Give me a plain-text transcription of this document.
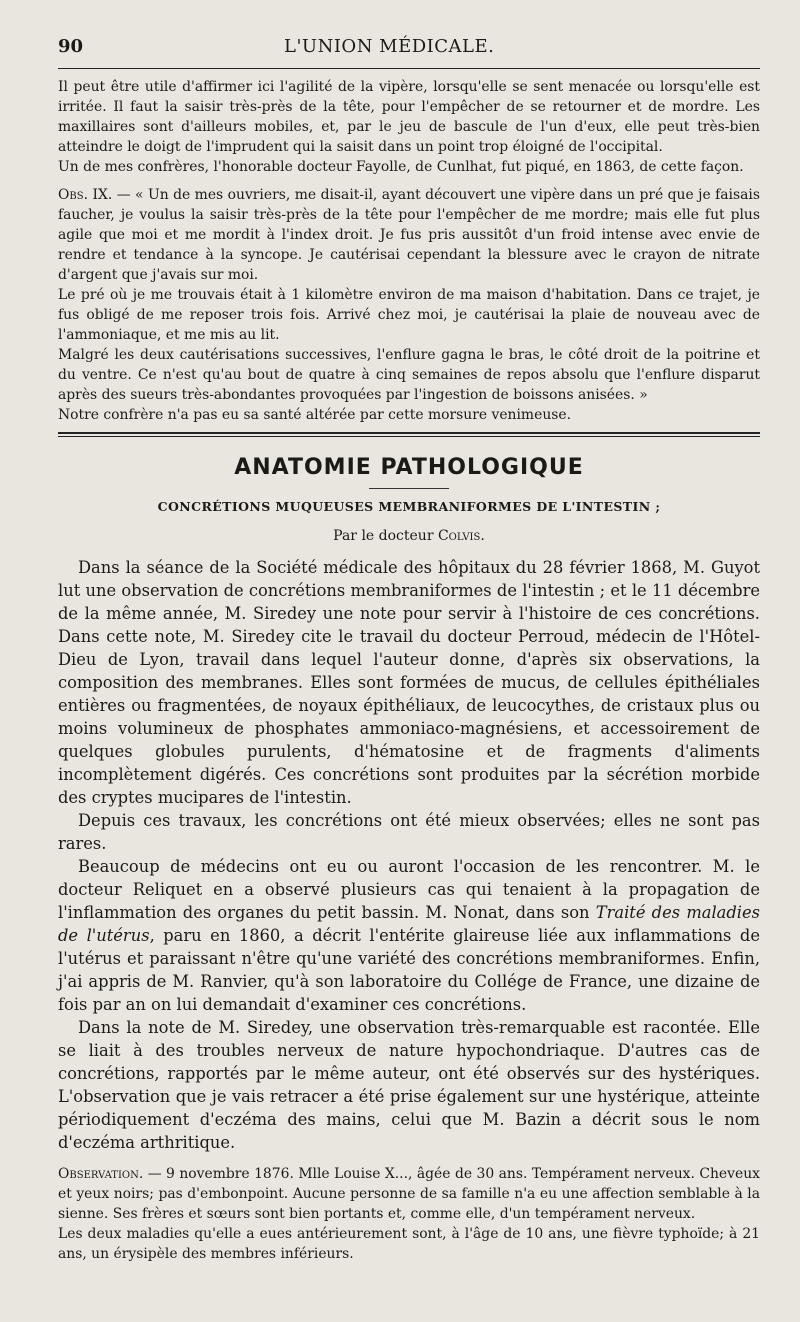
90	L'UNION MÉDICALE.

Il peut être utile d'affirmer ici l'agilité de la vipère, lorsqu'elle se sent menacée ou lorsqu'elle est irritée. Il faut la saisir très-près de la tête, pour l'empêcher de se retourner et de mordre. Les maxillaires sont d'ailleurs mobiles, et, par le jeu de bascule de l'un d'eux, elle peut très-bien atteindre le doigt de l'imprudent qui la saisit dans un point trop éloigné de l'occipital.

Un de mes confrères, l'honorable docteur Fayolle, de Cunlhat, fut piqué, en 1863, de cette façon.

Obs. IX. — « Un de mes ouvriers, me disait-il, ayant découvert une vipère dans un pré que je faisais faucher, je voulus la saisir très-près de la tête pour l'empêcher de me mordre; mais elle fut plus agile que moi et me mordit à l'index droit. Je fus pris aussitôt d'un froid intense avec envie de rendre et tendance à la syncope. Je cautérisai cependant la blessure avec le crayon de nitrate d'argent que j'avais sur moi.

Le pré où je me trouvais était à 1 kilomètre environ de ma maison d'habitation. Dans ce trajet, je fus obligé de me reposer trois fois. Arrivé chez moi, je cautérisai la plaie de nouveau avec de l'ammoniaque, et me mis au lit.

Malgré les deux cautérisations successives, l'enflure gagna le bras, le côté droit de la poitrine et du ventre. Ce n'est qu'au bout de quatre à cinq semaines de repos absolu que l'enflure disparut après des sueurs très-abondantes provoquées par l'ingestion de boissons anisées. »

Notre confrère n'a pas eu sa santé altérée par cette morsure venimeuse.

ANATOMIE PATHOLOGIQUE
CONCRÉTIONS MUQUEUSES MEMBRANIFORMES DE L'INTESTIN ;
Par le docteur Colvis.

Dans la séance de la Société médicale des hôpitaux du 28 février 1868, M. Guyot lut une observation de concrétions membraniformes de l'intestin ; et le 11 décembre de la même année, M. Siredey une note pour servir à l'histoire de ces concrétions. Dans cette note, M. Siredey cite le travail du docteur Perroud, médecin de l'Hôtel-Dieu de Lyon, travail dans lequel l'auteur donne, d'après six observations, la composition des membranes. Elles sont formées de mucus, de cellules épithéliales entières ou fragmentées, de noyaux épithéliaux, de leucocythes, de cristaux plus ou moins volumineux de phosphates ammoniaco-magnésiens, et accessoirement de quelques globules purulents, d'hématosine et de fragments d'aliments incomplètement digérés. Ces concrétions sont produites par la sécrétion morbide des cryptes mucipares de l'intestin.

Depuis ces travaux, les concrétions ont été mieux observées; elles ne sont pas rares.

Beaucoup de médecins ont eu ou auront l'occasion de les rencontrer. M. le docteur Reliquet en a observé plusieurs cas qui tenaient à la propagation de l'inflammation des organes du petit bassin. M. Nonat, dans son Traité des maladies de l'utérus, paru en 1860, a décrit l'entérite glaireuse liée aux inflammations de l'utérus et paraissant n'être qu'une variété des concrétions membraniformes. Enfin, j'ai appris de M. Ranvier, qu'à son laboratoire du Collége de France, une dizaine de fois par an on lui demandait d'examiner ces concrétions.

Dans la note de M. Siredey, une observation très-remarquable est racontée. Elle se liait à des troubles nerveux de nature hypochondriaque. D'autres cas de concrétions, rapportés par le même auteur, ont été observés sur des hystériques. L'observation que je vais retracer a été prise également sur une hystérique, atteinte périodiquement d'eczéma des mains, celui que M. Bazin a décrit sous le nom d'eczéma arthritique.

Observation. — 9 novembre 1876. Mlle Louise X..., âgée de 30 ans. Tempérament nerveux. Cheveux et yeux noirs; pas d'embonpoint. Aucune personne de sa famille n'a eu une affection semblable à la sienne. Ses frères et sœurs sont bien portants et, comme elle, d'un tempérament nerveux.

Les deux maladies qu'elle a eues antérieurement sont, à l'âge de 10 ans, une fièvre typhoïde; à 21 ans, un érysipèle des membres inférieurs.
